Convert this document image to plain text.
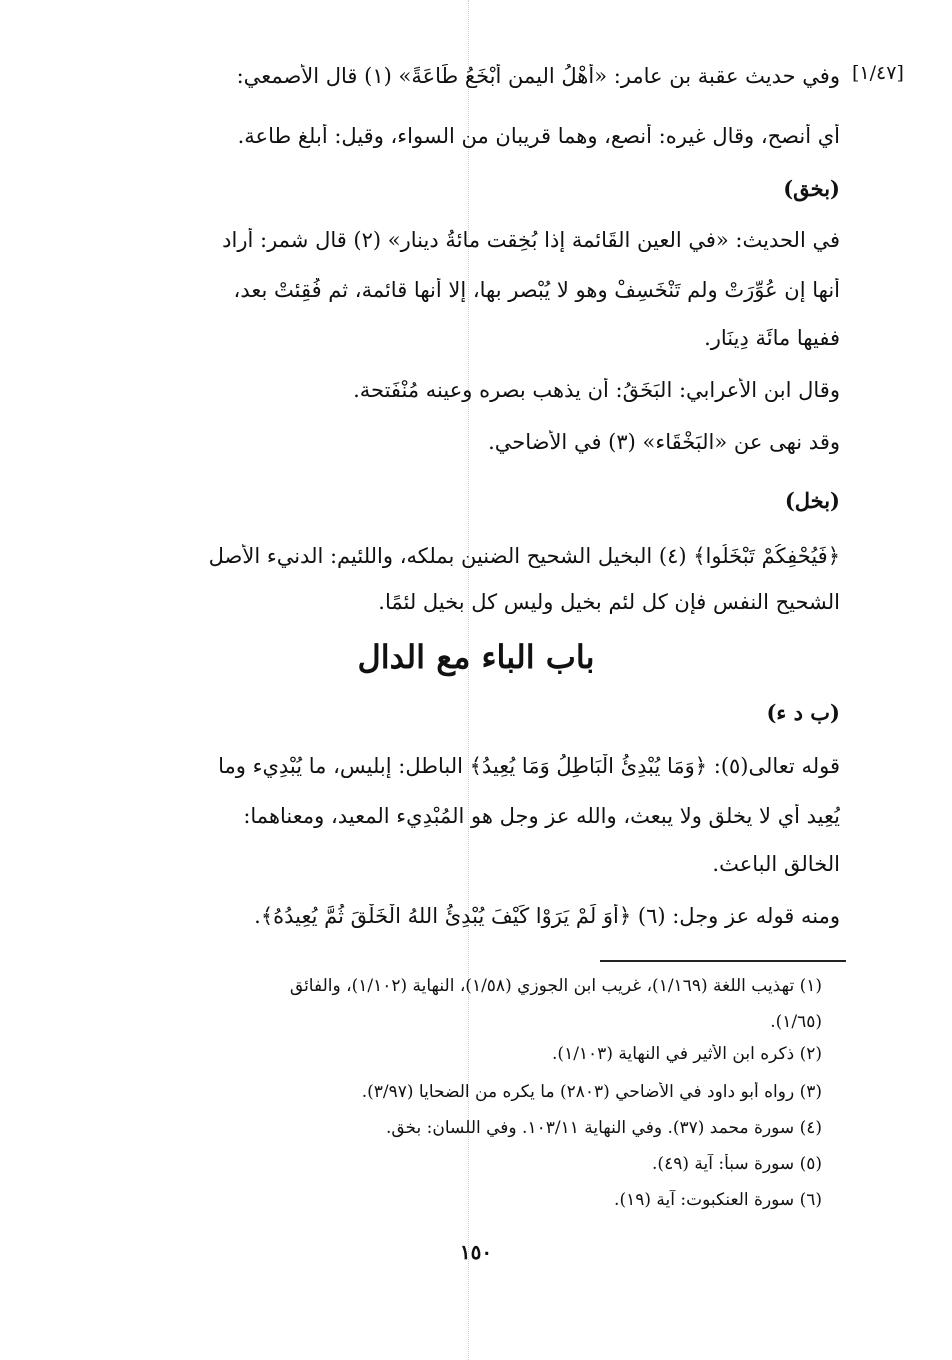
[١/٤٧]
وفي حديث عقبة بن عامر: «أَهْلُ اليمن أَبْخَعُ طَاعَةً» (١) قال الأصمعي:
أي أنصح، وقال غيره: أنصع، وهما قريبان من السواء، وقيل: أبلغ طاعة.
(بخق)
في الحديث: «في العين القَائمة إذا بُخِقت مائةُ دينار» (٢) قال شمر: أراد
أنها إن عُوِّرَتْ ولم تَنْخَسِفْ وهو لا يُبْصر بها، إلا أنها قائمة، ثم فُقِئتْ بعد،
ففيها مائَة دِينَار.
وقال ابن الأعرابي: البَخَقُ: أن يذهب بصره وعينه مُنْفَتحة.
وقد نهى عن «البَخْقَاء» (٣) في الأضاحي.
(بخل)
﴿فَيُحْفِكُمْ تَبْخَلُوا﴾ (٤) البخيل الشحيح الضنين بملكه، واللئيم: الدنيء الأصل
الشحيح النفس فإن كل لئم بخيل وليس كل بخيل لئمًا.
باب الباء مع الدال
(ب د ء)
قوله تعالى(٥): ﴿وَمَا يُبْدِئُ الْبَاطِلُ وَمَا يُعِيدُ﴾ الباطل: إبليس، ما يُبْدِيء وما
يُعِيد أي لا يخلق ولا يبعث، والله عز وجل هو المُبْدِيء المعيد، ومعناهما:
الخالق الباعث.
ومنه قوله عز وجل: (٦) ﴿أَوَ لَمْ يَرَوْا كَيْفَ يُبْدِئُ اللهُ الْخَلْقَ ثُمَّ يُعِيدُهُ﴾.
(١) تهذيب اللغة (١/١٦٩)، غريب ابن الجوزي (١/٥٨)، النهاية (١/١٠٢)، والفائق
(١/٦٥).
(٢) ذكره ابن الأثير في النهاية (١/١٠٣).
(٣) رواه أبو داود في الأضاحي (٢٨٠٣) ما يكره من الضحايا (٣/٩٧).
(٤) سورة محمد (٣٧). وفي النهاية ١٠٣/١١. وفي اللسان: بخق.
(٥) سورة سبأ: آية (٤٩).
(٦) سورة العنكبوت: آية (١٩).
١٥٠
